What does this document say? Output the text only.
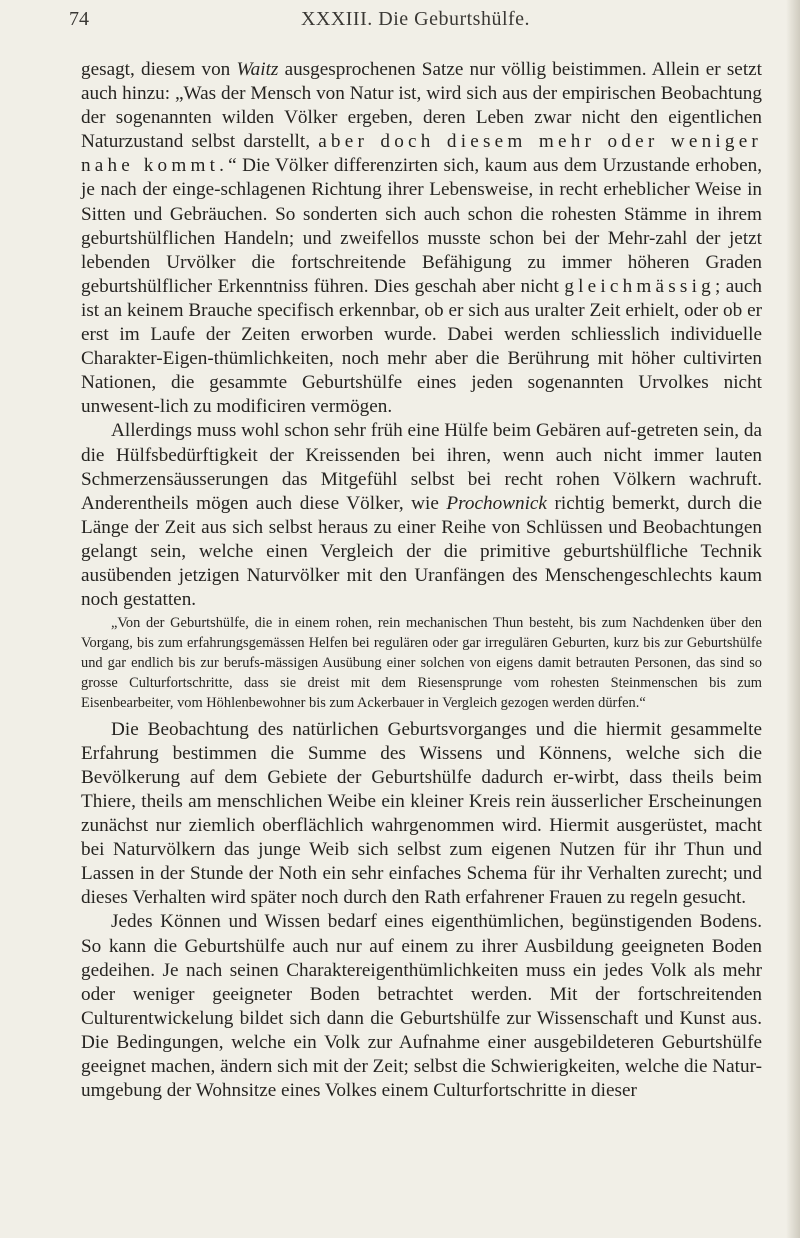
74	XXXIII. Die Geburtshülfe.

gesagt, diesem von Waitz ausgesprochenen Satze nur völlig beistimmen. Allein er setzt auch hinzu: „Was der Mensch von Natur ist, wird sich aus der empirischen Beobachtung der sogenannten wilden Völker ergeben, deren Leben zwar nicht den eigentlichen Naturzustand selbst darstellt, aber doch diesem mehr oder weniger nahe kommt.“ Die Völker differenzirten sich, kaum aus dem Urzustande erhoben, je nach der einge-schlagenen Richtung ihrer Lebensweise, in recht erheblicher Weise in Sitten und Gebräuchen. So sonderten sich auch schon die rohesten Stämme in ihrem geburtshülflichen Handeln; und zweifellos musste schon bei der Mehr-zahl der jetzt lebenden Urvölker die fortschreitende Befähigung zu immer höheren Graden geburtshülflicher Erkenntniss führen. Dies geschah aber nicht gleichmässig; auch ist an keinem Brauche specifisch erkennbar, ob er sich aus uralter Zeit erhielt, oder ob er erst im Laufe der Zeiten erworben wurde. Dabei werden schliesslich individuelle Charakter-Eigen-thümlichkeiten, noch mehr aber die Berührung mit höher cultivirten Nationen, die gesammte Geburtshülfe eines jeden sogenannten Urvolkes nicht unwesent-lich zu modificiren vermögen.

Allerdings muss wohl schon sehr früh eine Hülfe beim Gebären auf-getreten sein, da die Hülfsbedürftigkeit der Kreissenden bei ihren, wenn auch nicht immer lauten Schmerzensäusserungen das Mitgefühl selbst bei recht rohen Völkern wachruft. Anderentheils mögen auch diese Völker, wie Prochownick richtig bemerkt, durch die Länge der Zeit aus sich selbst heraus zu einer Reihe von Schlüssen und Beobachtungen gelangt sein, welche einen Vergleich der die primitive geburtshülfliche Technik ausübenden jetzigen Naturvölker mit den Uranfängen des Menschengeschlechts kaum noch gestatten.

„Von der Geburtshülfe, die in einem rohen, rein mechanischen Thun besteht, bis zum Nachdenken über den Vorgang, bis zum erfahrungsgemässen Helfen bei regulären oder gar irregulären Geburten, kurz bis zur Geburtshülfe und gar endlich bis zur berufs-mässigen Ausübung einer solchen von eigens damit betrauten Personen, das sind so grosse Culturfortschritte, dass sie dreist mit dem Riesensprunge vom rohesten Steinmenschen bis zum Eisenbearbeiter, vom Höhlenbewohner bis zum Ackerbauer in Vergleich gezogen werden dürfen.“

Die Beobachtung des natürlichen Geburtsvorganges und die hiermit gesammelte Erfahrung bestimmen die Summe des Wissens und Könnens, welche sich die Bevölkerung auf dem Gebiete der Geburtshülfe dadurch er-wirbt, dass theils beim Thiere, theils am menschlichen Weibe ein kleiner Kreis rein äusserlicher Erscheinungen zunächst nur ziemlich oberflächlich wahrgenommen wird. Hiermit ausgerüstet, macht bei Naturvölkern das junge Weib sich selbst zum eigenen Nutzen für ihr Thun und Lassen in der Stunde der Noth ein sehr einfaches Schema für ihr Verhalten zurecht; und dieses Verhalten wird später noch durch den Rath erfahrener Frauen zu regeln gesucht.

Jedes Können und Wissen bedarf eines eigenthümlichen, begünstigenden Bodens. So kann die Geburtshülfe auch nur auf einem zu ihrer Ausbildung geeigneten Boden gedeihen. Je nach seinen Charaktereigenthümlichkeiten muss ein jedes Volk als mehr oder weniger geeigneter Boden betrachtet werden. Mit der fortschreitenden Culturentwickelung bildet sich dann die Geburtshülfe zur Wissenschaft und Kunst aus. Die Bedingungen, welche ein Volk zur Aufnahme einer ausgebildeteren Geburtshülfe geeignet machen, ändern sich mit der Zeit; selbst die Schwierigkeiten, welche die Natur-umgebung der Wohnsitze eines Volkes einem Culturfortschritte in dieser
